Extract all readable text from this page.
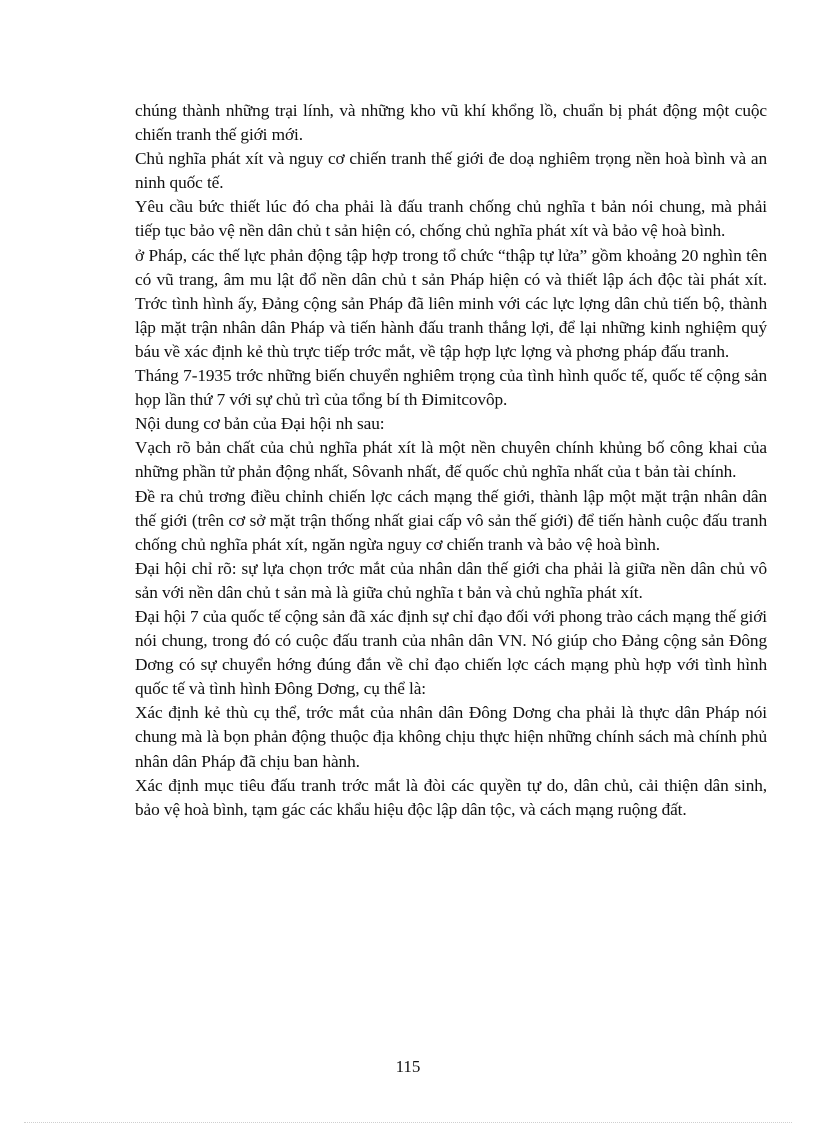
chúng thành những trại lính, và những kho vũ khí khổng lồ, chuẩn bị phát động một cuộc chiến tranh thế giới mới.

Chủ nghĩa phát xít và nguy cơ chiến tranh thế giới đe doạ nghiêm trọng nền hoà bình và an ninh quốc tế.

Yêu cầu bức thiết lúc đó cha phải là đấu tranh chống chủ nghĩa t bản nói chung, mà phải tiếp tục bảo vệ nền dân chủ t sản hiện có, chống chủ nghĩa phát xít và bảo vệ hoà bình.

ở Pháp, các thế lực phản động tập hợp trong tổ chức “thập tự lửa” gồm khoảng 20 nghìn tên có vũ trang, âm mu lật đổ nền dân chủ t sản Pháp hiện có và thiết lập ách độc tài phát xít. Trớc tình hình ấy, Đảng cộng sản Pháp đã liên minh với các lực lợng dân chủ tiến bộ, thành lập mặt trận nhân dân Pháp và tiến hành đấu tranh thắng lợi, để lại những kinh nghiệm quý báu về xác định kẻ thù trực tiếp trớc mắt, về tập hợp lực lợng và phơng pháp đấu tranh.

Tháng 7-1935 trớc những biến chuyển nghiêm trọng của tình hình quốc tế, quốc tế cộng sản họp lần thứ 7 với sự chủ trì của tổng bí th Đimitcovôp.

Nội dung cơ bản của Đại hội nh sau:

Vạch rõ bản chất của chủ nghĩa phát xít là một nền chuyên chính khủng bố công khai của những phần tử phản động nhất, Sôvanh nhất, đế quốc chủ nghĩa nhất của t bản tài chính.

Đề ra chủ trơng điều chỉnh chiến lợc cách mạng thế giới, thành lập một mặt trận nhân dân thế giới (trên cơ sở mặt trận thống nhất giai cấp vô sản thế giới) để tiến hành cuộc đấu tranh chống chủ nghĩa phát xít, ngăn ngừa nguy cơ chiến tranh và bảo vệ hoà bình.

Đại hội chỉ rõ: sự lựa chọn trớc mắt của nhân dân thế giới cha phải là giữa nền dân chủ vô sản với nền dân chủ t sản mà là giữa chủ nghĩa t bản và chủ nghĩa phát xít.

Đại hội 7 của quốc tế cộng sản đã xác định sự chỉ đạo đối với phong trào cách mạng thế giới nói chung, trong đó có cuộc đấu tranh của nhân dân VN. Nó giúp cho Đảng cộng sản Đông Dơng có sự chuyển hớng đúng đắn về chỉ đạo chiến lợc cách mạng phù hợp với tình hình quốc tế và tình hình Đông Dơng, cụ thể là:

Xác định kẻ thù cụ thể, trớc mắt của nhân dân Đông Dơng cha phải là thực dân Pháp nói chung mà là bọn phản động thuộc địa không chịu thực hiện những chính sách mà chính phủ nhân dân Pháp đã chịu ban hành.

Xác định mục tiêu đấu tranh trớc mắt là đòi các quyền tự do, dân chủ, cải thiện dân sinh, bảo vệ hoà bình, tạm gác các khẩu hiệu độc lập dân tộc, và cách mạng ruộng đất.

115
